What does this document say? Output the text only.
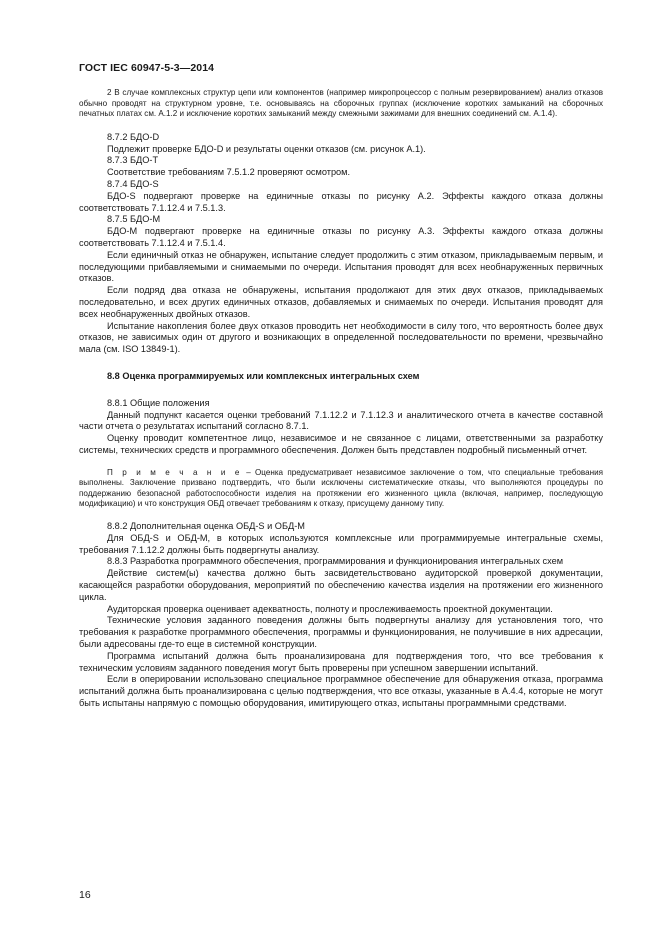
ГОСТ IEC 60947-5-3—2014

2 В случае комплексных структур цепи или компонентов (например микропроцессор с полным резервированием) анализ отказов обычно проводят на структурном уровне, т.е. основываясь на сборочных группах (исключение коротких замыканий на сборочных печатных платах см. А.1.2 и исключение коротких замыканий между смежными зажимами для внешних соединений см. А.1.4).

8.7.2 БДО-D

Подлежит проверке БДО-D и результаты оценки отказов (см. рисунок А.1).

8.7.3 БДО-T

Соответствие требованиям 7.5.1.2 проверяют осмотром.

8.7.4 БДО-S

БДО-S подвергают проверке на единичные отказы по рисунку А.2. Эффекты каждого отказа должны соответствовать 7.1.12.4 и 7.5.1.3.

8.7.5 БДО-M

БДО-M подвергают проверке на единичные отказы по рисунку А.3. Эффекты каждого отказа должны соответствовать 7.1.12.4 и 7.5.1.4.

Если единичный отказ не обнаружен, испытание следует продолжить с этим отказом, прикладываемым первым, и последующими прибавляемыми и снимаемыми по очереди. Испытания проводят для всех необнаруженных первичных отказов.

Если подряд два отказа не обнаружены, испытания продолжают для этих двух отказов, прикладываемых последовательно, и всех других единичных отказов, добавляемых и снимаемых по очереди. Испытания проводят для всех необнаруженных двойных отказов.

Испытание накопления более двух отказов проводить нет необходимости в силу того, что вероятность более двух отказов, не зависимых один от другого и возникающих в определенной последовательности по времени, чрезвычайно мала (см. ISO 13849-1).

8.8 Оценка программируемых или комплексных интегральных схем

8.8.1 Общие положения

Данный подпункт касается оценки требований 7.1.12.2 и 7.1.12.3 и аналитического отчета в качестве составной части отчета о результатах испытаний согласно 8.7.1.

Оценку проводит компетентное лицо, независимое и не связанное с лицами, ответственными за разработку системы, технических средств и программного обеспечения. Должен быть представлен подробный письменный отчет.

П р и м е ч а н и е – Оценка предусматривает независимое заключение о том, что специальные требования выполнены. Заключение призвано подтвердить, что были исключены систематические отказы, что выполняются процедуры по поддержанию безопасной работоспособности изделия на протяжении его жизненного цикла (включая, например, последующую модификацию) и что конструкция ОБД отвечает требованиям к отказу, присущему данному типу.

8.8.2 Дополнительная оценка ОБД-S и ОБД-M

Для ОБД-S и ОБД-M, в которых используются комплексные или программируемые интегральные схемы, требования 7.1.12.2 должны быть подвергнуты анализу.

8.8.3 Разработка программного обеспечения, программирования и функционирования интегральных схем

Действие систем(ы) качества должно быть засвидетельствовано аудиторской проверкой документации, касающейся разработки оборудования, мероприятий по обеспечению качества изделия на протяжении его жизненного цикла.

Аудиторская проверка оценивает адекватность, полноту и прослеживаемость проектной документации.

Технические условия заданного поведения должны быть подвергнуты анализу для установления того, что требования к разработке программного обеспечения, программы и функционирования, не получившие в них адресации, были адресованы где-то еще в системной конструкции.

Программа испытаний должна быть проанализирована для подтверждения того, что все требования к техническим условиям заданного поведения могут быть проверены при успешном завершении испытаний.

Если в оперировании использовано специальное программное обеспечение для обнаружения отказа, программа испытаний должна быть проанализирована с целью подтверждения, что все отказы, указанные в А.4.4, которые не могут быть испытаны напрямую с помощью оборудования, имитирующего отказ, испытаны программными средствами.

16
